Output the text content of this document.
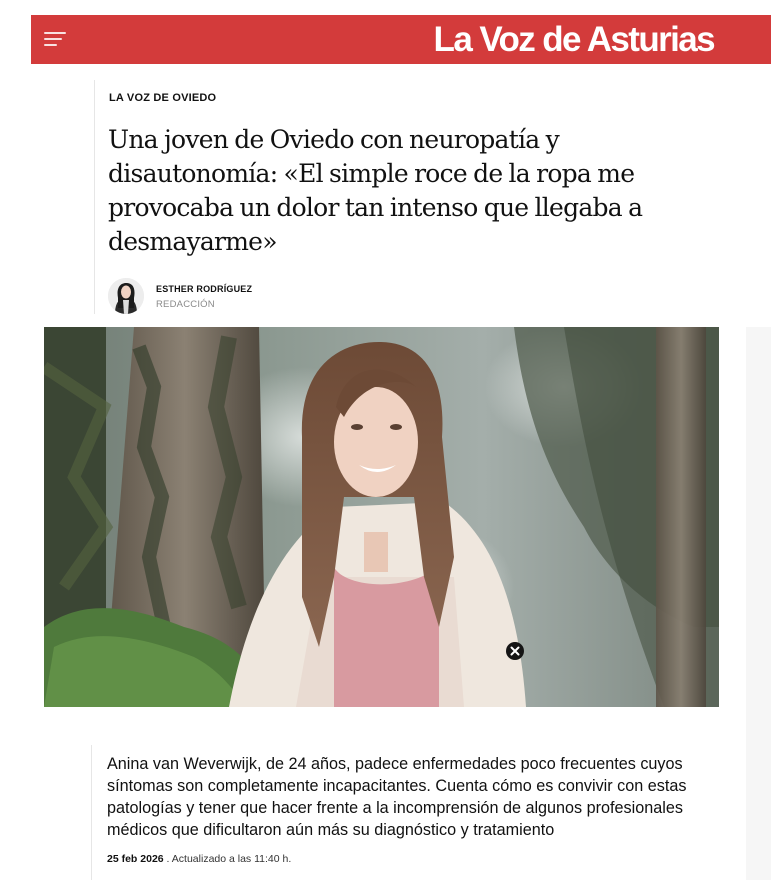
La Voz de Asturias
LA VOZ DE OVIEDO
Una joven de Oviedo con neuropatía y disautonomía: «El simple roce de la ropa me provocaba un dolor tan intenso que llegaba a desmayarme»
ESTHER RODRÍGUEZ
REDACCIÓN

Anina van Weverwijk, de 24 años, padece enfermedades poco frecuentes cuyos síntomas son completamente incapacitantes. Cuenta cómo es convivir con estas patologías y tener que hacer frente a la incomprensión de algunos profesionales médicos que dificultaron aún más su diagnóstico y tratamiento

25 feb 2026 . Actualizado a las 11:40 h.
